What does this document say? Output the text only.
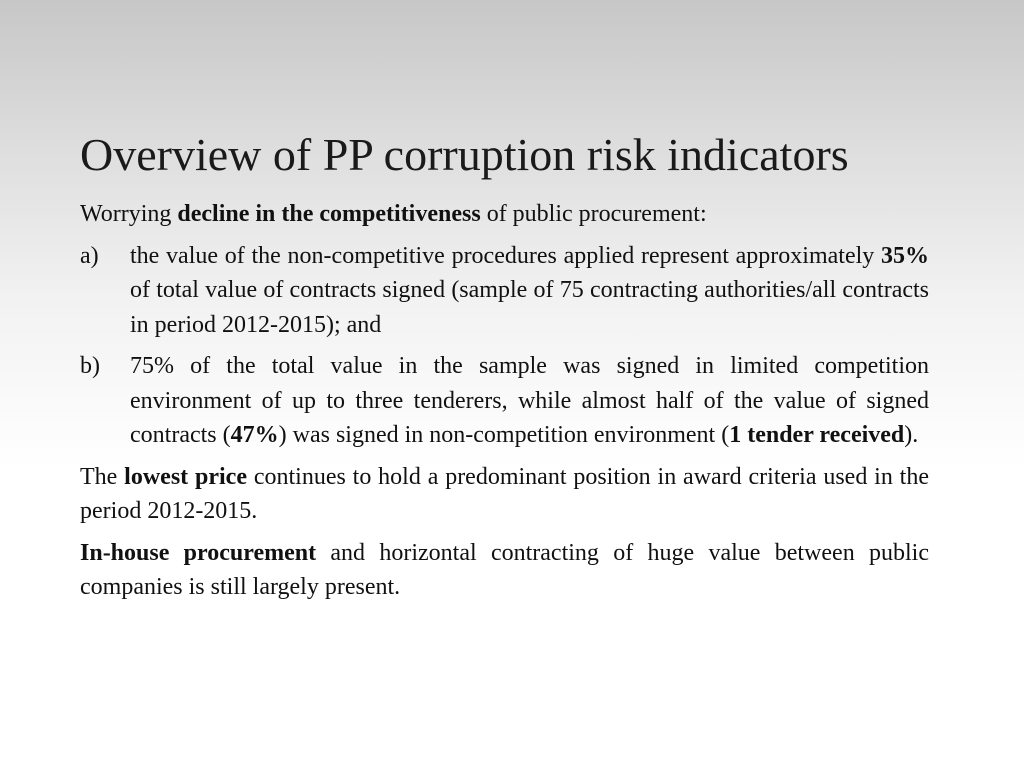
Overview of PP corruption risk indicators

Worrying decline in the competitiveness of public procurement:

a)	the value of the non-competitive procedures applied represent approximately 35% of total value of contracts signed (sample of 75 contracting authorities/all contracts in period 2012-2015); and
b)	75% of the total value in the sample was signed in limited competition environment of up to three tenderers, while almost half of the value of signed contracts (47%) was signed in non-competition environment (1 tender received).

The lowest price continues to hold a predominant position in award criteria used in the period 2012-2015.

In-house procurement and horizontal contracting of huge value between public companies is still largely present.
